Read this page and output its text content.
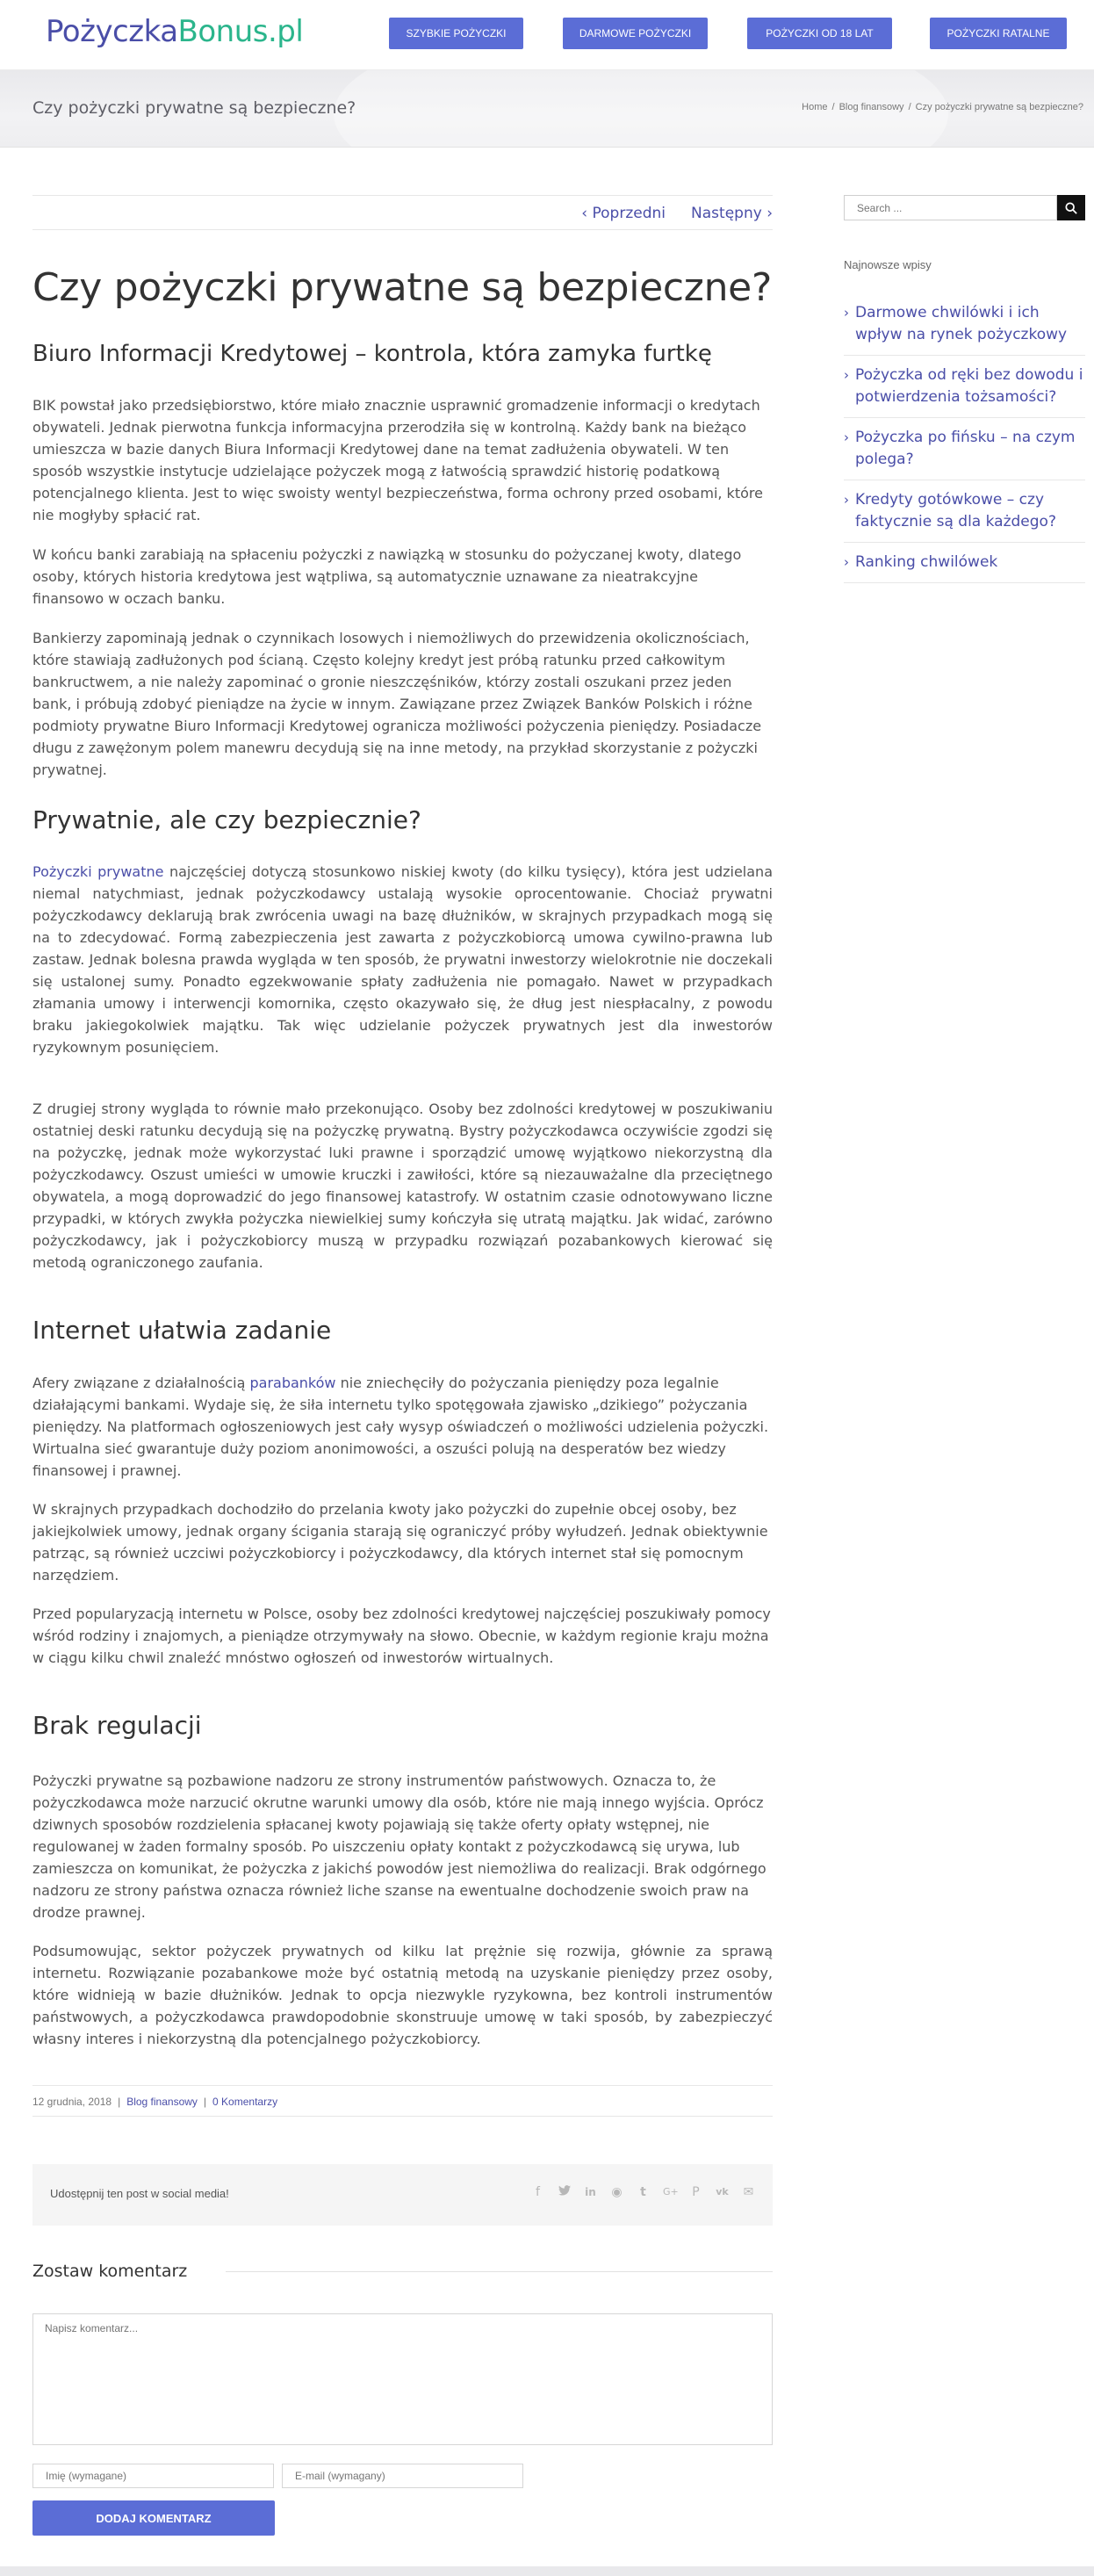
PożyczkaBonus.pl	SZYBKIE POŻYCZKI	DARMOWE POŻYCZKI	POŻYCZKI OD 18 LAT	POŻYCZKI RATALNE
Czy pożyczki prywatne są bezpieczne?	Home / Blog finansowy / Czy pożyczki prywatne są bezpieczne?
‹ Poprzedni Następny ›
Czy pożyczki prywatne są bezpieczne?
Biuro Informacji Kredytowej – kontrola, która zamyka furtkę

BIK powstał jako przedsiębiorstwo, które miało znacznie usprawnić gromadzenie informacji o kredytach obywateli. Jednak pierwotna funkcja informacyjna przerodziła się w kontrolną. Każdy bank na bieżąco umieszcza w bazie danych Biura Informacji Kredytowej dane na temat zadłużenia obywateli. W ten sposób wszystkie instytucje udzielające pożyczek mogą z łatwością sprawdzić historię podatkową potencjalnego klienta. Jest to więc swoisty wentyl bezpieczeństwa, forma ochrony przed osobami, które nie mogłyby spłacić rat.

W końcu banki zarabiają na spłaceniu pożyczki z nawiązką w stosunku do pożyczanej kwoty, dlatego osoby, których historia kredytowa jest wątpliwa, są automatycznie uznawane za nieatrakcyjne finansowo w oczach banku.

Bankierzy zapominają jednak o czynnikach losowych i niemożliwych do przewidzenia okolicznościach, które stawiają zadłużonych pod ścianą. Często kolejny kredyt jest próbą ratunku przed całkowitym bankructwem, a nie należy zapominać o gronie nieszczęśników, którzy zostali oszukani przez jeden bank, i próbują zdobyć pieniądze na życie w innym. Zawiązane przez Związek Banków Polskich i różne podmioty prywatne Biuro Informacji Kredytowej ogranicza możliwości pożyczenia pieniędzy. Posiadacze długu z zawężonym polem manewru decydują się na inne metody, na przykład skorzystanie z pożyczki prywatnej.

Prywatnie, ale czy bezpiecznie?

Pożyczki prywatne najczęściej dotyczą stosunkowo niskiej kwoty (do kilku tysięcy), która jest udzielana niemal natychmiast, jednak pożyczkodawcy ustalają wysokie oprocentowanie. Chociaż prywatni pożyczkodawcy deklarują brak zwrócenia uwagi na bazę dłużników, w skrajnych przypadkach mogą się na to zdecydować. Formą zabezpieczenia jest zawarta z pożyczkobiorcą umowa cywilno-prawna lub zastaw. Jednak bolesna prawda wygląda w ten sposób, że prywatni inwestorzy wielokrotnie nie doczekali się ustalonej sumy. Ponadto egzekwowanie spłaty zadłużenia nie pomagało. Nawet w przypadkach złamania umowy i interwencji komornika, często okazywało się, że dług jest niespłacalny, z powodu braku jakiegokolwiek majątku. Tak więc udzielanie pożyczek prywatnych jest dla inwestorów ryzykownym posunięciem.

Z drugiej strony wygląda to równie mało przekonująco. Osoby bez zdolności kredytowej w poszukiwaniu ostatniej deski ratunku decydują się na pożyczkę prywatną. Bystry pożyczkodawca oczywiście zgodzi się na pożyczkę, jednak może wykorzystać luki prawne i sporządzić umowę wyjątkowo niekorzystną dla pożyczkodawcy. Oszust umieści w umowie kruczki i zawiłości, które są niezauważalne dla przeciętnego obywatela, a mogą doprowadzić do jego finansowej katastrofy. W ostatnim czasie odnotowywano liczne przypadki, w których zwykła pożyczka niewielkiej sumy kończyła się utratą majątku. Jak widać, zarówno pożyczkodawcy, jak i pożyczkobiorcy muszą w przypadku rozwiązań pozabankowych kierować się metodą ograniczonego zaufania.

Internet ułatwia zadanie

Afery związane z działalnością parabanków nie zniechęciły do pożyczania pieniędzy poza legalnie działającymi bankami. Wydaje się, że siła internetu tylko spotęgowała zjawisko „dzikiego” pożyczania pieniędzy. Na platformach ogłoszeniowych jest cały wysyp oświadczeń o możliwości udzielenia pożyczki. Wirtualna sieć gwarantuje duży poziom anonimowości, a oszuści polują na desperatów bez wiedzy finansowej i prawnej.

W skrajnych przypadkach dochodziło do przelania kwoty jako pożyczki do zupełnie obcej osoby, bez jakiejkolwiek umowy, jednak organy ścigania starają się ograniczyć próby wyłudzeń. Jednak obiektywnie patrząc, są również uczciwi pożyczkobiorcy i pożyczkodawcy, dla których internet stał się pomocnym narzędziem.

Przed popularyzacją internetu w Polsce, osoby bez zdolności kredytowej najczęściej poszukiwały pomocy wśród rodziny i znajomych, a pieniądze otrzymywały na słowo. Obecnie, w każdym regionie kraju można w ciągu kilku chwil znaleźć mnóstwo ogłoszeń od inwestorów wirtualnych.

Brak regulacji

Pożyczki prywatne są pozbawione nadzoru ze strony instrumentów państwowych. Oznacza to, że pożyczkodawca może narzucić okrutne warunki umowy dla osób, które nie mają innego wyjścia. Oprócz dziwnych sposobów rozdzielenia spłacanej kwoty pojawiają się także oferty opłaty wstępnej, nie regulowanej w żaden formalny sposób. Po uiszczeniu opłaty kontakt z pożyczkodawcą się urywa, lub zamieszcza on komunikat, że pożyczka z jakichś powodów jest niemożliwa do realizacji. Brak odgórnego nadzoru ze strony państwa oznacza również liche szanse na ewentualne dochodzenie swoich praw na drodze prawnej.

Podsumowując, sektor pożyczek prywatnych od kilku lat prężnie się rozwija, głównie za sprawą internetu. Rozwiązanie pozabankowe może być ostatnią metodą na uzyskanie pieniędzy przez osoby, które widnieją w bazie dłużników. Jednak to opcja niezwykle ryzykowna, bez kontroli instrumentów państwowych, a pożyczkodawca prawdopodobnie skonstruuje umowę w taki sposób, by zabezpieczyć własny interes i niekorzystną dla potencjalnego pożyczkobiorcy.

12 grudnia, 2018 | Blog finansowy | 0 Komentarzy
Udostępnij ten post w social media!	f	in ◉ t	G+ P vk ✉
Zostaw komentarz
Napisz komentarz...
Imię (wymagane)
E-mail (wymagany)
DODAJ KOMENTARZ
Search ...
Najnowsze wpisy
› Darmowe chwilówki i ich wpływ na rynek pożyczkowy
› Pożyczka od ręki bez dowodu i potwierdzenia tożsamości?
› Pożyczka po fińsku – na czym polega?
› Kredyty gotówkowe – czy faktycznie są dla każdego?
› Ranking chwilówek
